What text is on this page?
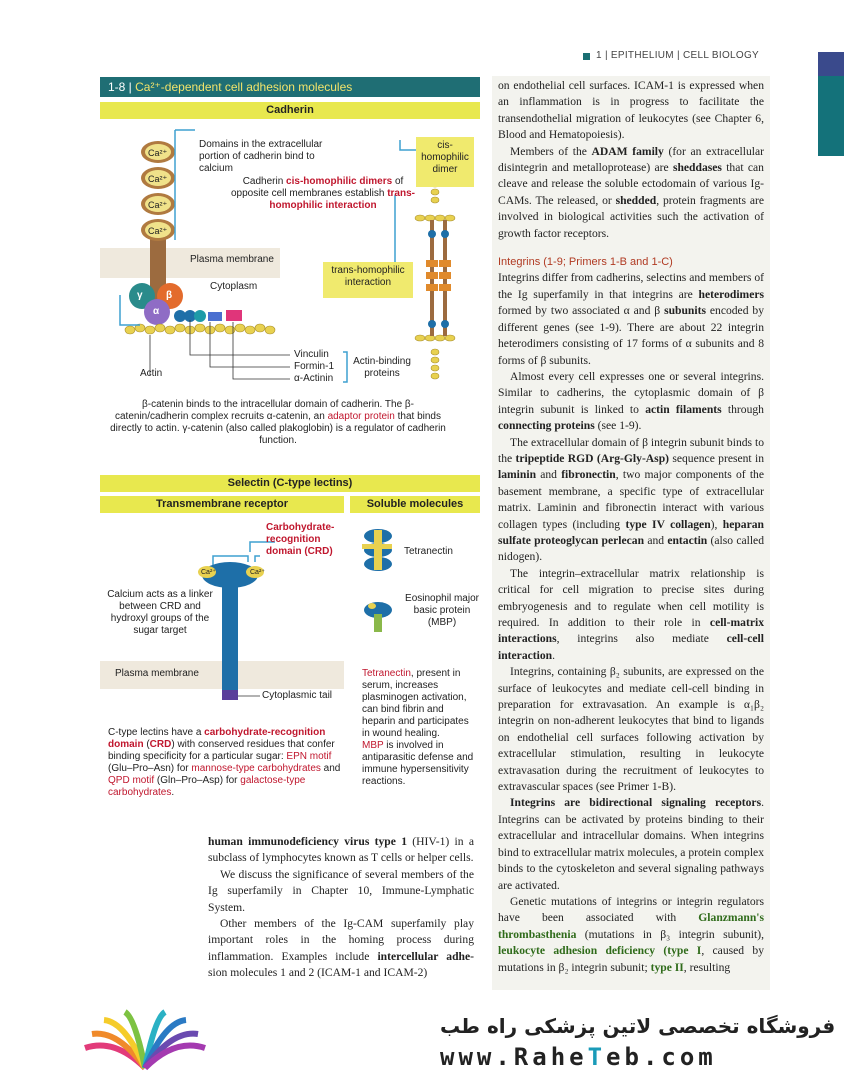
1 | EPITHELIUM | CELL BIOLOGY
1-8 | Ca²⁺-dependent cell adhesion molecules
Cadherin
Ca²⁺
Ca²⁺
Ca²⁺
Ca²⁺
Domains in the extracellular portion of cadherin bind to calcium
Cadherin cis-homophilic dimers of opposite cell membranes establish trans-homophilic interaction
cis-homophilic dimer
trans-homophilic interaction
Plasma membrane
Cytoplasm
γ β
α
Actin
Vinculin
Formin-1
α-Actinin
Actin-binding proteins
β-catenin binds to the intracellular domain of cadherin. The β-catenin/cadherin complex recruits α-catenin, an adaptor protein that binds directly to actin. γ-catenin (also called plakoglobin) is a regulator of cadherin function.
Selectin (C-type lectins)
Transmembrane receptor	Soluble molecules
Carbohydrate-recognition domain (CRD)
Ca²⁺	Ca²⁺
Calcium acts as a linker between CRD and hydroxyl groups of the sugar target
Plasma membrane
Cytoplasmic tail
Tetranectin
Eosinophil major basic protein (MBP)
Tetranectin, present in serum, increases plasminogen activation, can bind fibrin and heparin and participates in wound healing.
MBP is involved in antiparasitic defense and immune hypersensitivity reactions.
C-type lectins have a carbohydrate-recognition domain (CRD) with conserved residues that confer binding specificity for a particular sugar: EPN motif (Glu–Pro–Asn) for mannose-type carbohydrates and QPD motif (Gln–Pro–Asp) for galactose-type carbohydrates.

human immunodeficiency virus type 1 (HIV-1) in a subclass of lymphocytes known as T cells or helper cells.

We discuss the significance of several members of the Ig superfamily in Chapter 10, Immune-Lymphatic System.

Other members of the Ig-CAM superfamily play important roles in the homing process during inflammation. Examples include intercellular adhe- sion molecules 1 and 2 (ICAM-1 and ICAM-2)

on endothelial cell surfaces. ICAM-1 is expressed when an inflammation is in progress to facilitate the transendothelial migration of leukocytes (see Chapter 6, Blood and Hematopoiesis).

Members of the ADAM family (for an extracellular disintegrin and metalloprotease) are sheddases that can cleave and release the soluble ectodomain of various Ig-CAMs. The released, or shedded, protein fragments are involved in biological activities such the activation of growth factor receptors.

Integrins (1-9; Primers 1-B and 1-C)

Integrins differ from cadherins, selectins and members of the Ig superfamily in that integrins are heterodimers formed by two associated α and β subunits encoded by different genes (see 1-9). There are about 22 integrin heterodimers consisting of 17 forms of α subunits and 8 forms of β subunits.

Almost every cell expresses one or several integrins. Similar to cadherins, the cytoplasmic domain of β integrin subunit is linked to actin filaments through connecting proteins (see 1-9).

The extracellular domain of β integrin subunit binds to the tripeptide RGD (Arg-Gly-Asp) sequence present in laminin and fibronectin, two major components of the basement membrane, a specific type of extracellular matrix. Laminin and fibronectin interact with various collagen types (including type IV collagen), heparan sulfate proteoglycan perlecan and entactin (also called nidogen).

The integrin–extracellular matrix relationship is critical for cell migration to precise sites during embryogenesis and to regulate when cell motility is required. In addition to their role in cell-matrix interactions, integrins also mediate cell-cell interaction.

Integrins, containing β₂ subunits, are expressed on the surface of leukocytes and mediate cell-cell binding in preparation for extravasation. An example is α₁β₂ integrin on non-adherent leukocytes that bind to ligands on endothelial cell surfaces following activation by extracellular stimulation, resulting in leukocyte extravasation during the recruitment of leukocytes to extravascular spaces (see Primer 1-B).

Integrins are bidirectional signaling receptors. Integrins can be activated by proteins binding to their extracellular and intracellular domains. When integrins bind to extracellular matrix molecules, a protein complex binds to the cytoskeleton and several signaling pathways are activated.

Genetic mutations of integrins or integrin regulators have been associated with Glanzmann's thrombasthenia (mutations in β₃ integrin subunit), leukocyte adhesion deficiency (type I, caused by mutations in β₂ integrin subunit; type II, resulting

فروشگاه تخصصی لاتین پزشکی راه طب
www.RaheTeb.com
